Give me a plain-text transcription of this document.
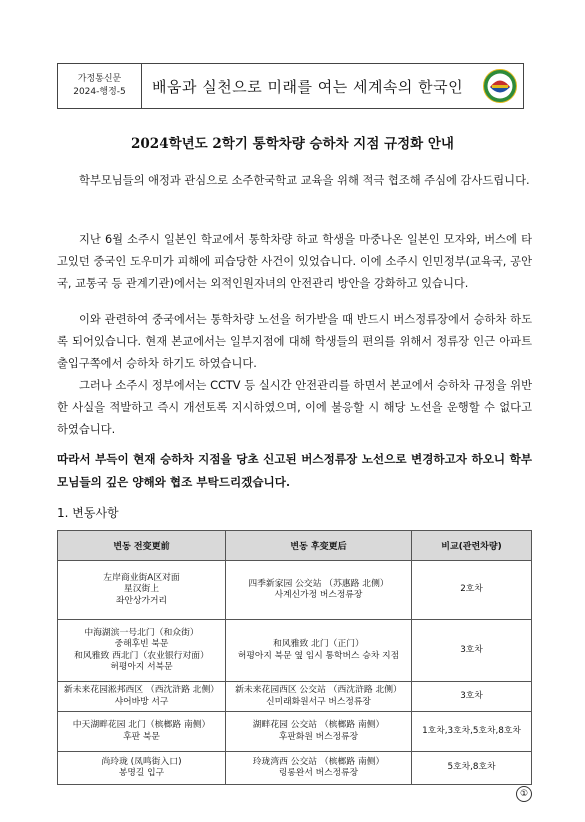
가정통신문
2024-행정-5	배움과 실천으로 미래를 여는 세계속의 한국인
2024학년도 2학기 통학차량 승하차 지점 규정화 안내
학부모님들의 애정과 관심으로 소주한국학교 교육을 위해 적극 협조해 주심에 감사드립니다.
지난 6월 소주시 일본인 학교에서 통학차량 하교 학생을 마중나온 일본인 모자와, 버스에 타고있던 중국인 도우미가 피해에 피습당한 사건이 있었습니다. 이에 소주시 인민정부(교육국, 공안국, 교통국 등 관계기관)에서는 외적인원자녀의 안전관리 방안을 강화하고 있습니다.
이와 관련하여 중국에서는 통학차량 노선을 허가받을 때 반드시 버스정류장에서 승하차 하도록 되어있습니다. 현재 본교에서는 일부지점에 대해 학생들의 편의를 위해서 정류장 인근 아파트 출입구쪽에서 승하차 하기도 하였습니다.
그러나 소주시 정부에서는 CCTV 등 실시간 안전관리를 하면서 본교에서 승하차 규정을 위반한 사실을 적발하고 즉시 개선토록 지시하였으며, 이에 불응할 시 해당 노선을 운행할 수 없다고 하였습니다.
따라서 부득이 현재 승하차 지점을 당초 신고된 버스정류장 노선으로 변경하고자 하오니 학부모님들의 깊은 양해와 협조 부탁드리겠습니다.
1. 변동사항
변동 전变更前	변동 후变更后	비교(관련차량)

左岸商业街A区对面
星汉街上
좌안상가거리	四季新家园 公交站 （苏惠路 北侧）
사계신가정 버스정류장	2호차

中海湖滨一号北门（和众街）
중해후빈 북문
和风雅致 西北门（农业银行对面）
허평아지 서북문	和风雅致 北门（正门）
허평아지 북문 옆 임시 통학버스 승차 지점	3호차

新未来花园淞邦西区 （西沈浒路 北侧）
샤어바방 서구	新未来花园西区 公交站 （西沈浒路 北侧）
신미래화원서구 버스정류장	3호차

中天湖畔花园 北门（槟榔路 南侧）
후판 북문	湖畔花园 公交站 （槟榔路 南侧）
후판화원 버스정류장	1호차,3호차,5호차,8호차

尚玲珑 (凤鸣街入口)
봉명길 입구	玲珑湾西 公交站 （槟榔路 南侧）
링롱완서 버스정류장	5호차,8호차
①
